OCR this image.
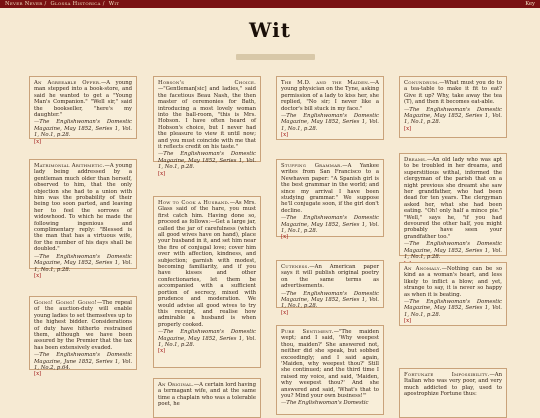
Never Never / Glossa Historica / Wit	Key
Wit
An Agreeable Offer.—A young man stepped into a book-store, and said he wanted to get a "Young Man's Companion." "Well sir," said the bookseller, "here's my daughter."
—The Englishwoman's Domestic Magazine, May 1852, Series 1, Vol. 1, No.1, p.28.
[x]
Matrimonial Arithmetic.—A young lady being addressed by a gentleman much older than herself, observed to him, that the only objection she had to a union with him was the probability of their being too soon parted, and leaving her to feel the sorrows of widowhood. To which he made the following ingenious and complimentary reply: "Blessed is the man that has a virtuous wife, for the number of his days shall be doubled."
—The Englishwoman's Domestic Magazine, May 1852, Series 1, Vol. 1, No.1, p.28.
[x]
Going! Going! Going!—The repeal of the auction-duty will enable young ladies to set themselves up to the highest bidder. Considerations of duty have hitherto restrained them, although we have been assured by the Premier that the tax has been extensively evaded.
—The Englishwoman's Domestic Magazine, June 1852, Series 1, Vol. 1, No.2, p.64.
[x]
Hobson's Choice.—"Gentleman[sic] and ladies," said the facetious Beau Nash, the then master of ceremonies for Bath, introducing a most lovely woman into the ball-room, "this is Mrs. Hobson. I have often heard of Hobson's choice, but I never had the pleasure to view it until now; and you must coincide with me that it reflects credit on his taste."
—The Englishwoman's Domestic Magazine, May 1852, Series 1, Vol. 1, No.1, p.28.
[x]
How to Cook a Husband.—As Mrs. Glass said of the hare, you must first catch him. Having done so, proceed as follows:—Get a large jar, called the jar of carefulness (which all good wives have on hand), place your husband in it, and set him near the fire of conjugal love; cover him over with affection, kindness, and subjection; garnish with modest, becoming familiarity, and if you have kisses and other confectionaries, let them be accompanied with a sufficient portion of secrecy, mixed with prudence and moderation. We would advise all good wives to try this receipt, and realise how admirable a husband is when properly cooked.
—The Englishwoman's Domestic Magazine, May 1852, Series 1, Vol. 1, No.1, p.28.
[x]
An Original.—A certain lord having a termagant wife, and at the same time a chaplain who was a tolerable poet, he
The M.D. and the Maiden.—A young physician on the Tyne, asking permission of a lady to kiss her, she replied, "No sir; I never like a doctor's bill stuck in my face."
—The Englishwoman's Domestic Magazine, May 1852, Series 1, Vol. 1, No.1, p.28.
[x]
Stuffing Grammar.—A Yankee writes from San Francisco to a Newhaven paper: "A Spanish girl is the best grammar in the world; and since my arrival I have been studying grammar." We suppose he'll conjugate soon, if the girl don't decline.
—The Englishwoman's Domestic Magazine, May 1852, Series 1, Vol. 1, No.1, p.28.
[x]
Cuteness.—An American paper says it will publish original poetry on the same terms as advertisements.
—The Englishwoman's Domestic Magazine, May 1852, Series 1, Vol. 1, No.1, p.28.
[x]
Pure Sentiment.—"The maiden wept; and I said, 'Why weepest thou, maiden?' She answered not, neither did she speak, but sobbed exceedingly; and I said again, 'Maiden, why weepest thou?' Still she continued; and the third time I raised my voice, and said, 'Maiden, why weepest thou?' And she answered and said, 'What's that to you? Mind your own business!'"
—The Englishwoman's Domestic
Conundrum.—What must you do to a tea-table to make it fit to eat? Give it up? Why, take away the tea (T), and then it becomes eat-able.
—The Englishwoman's Domestic Magazine, May 1852, Series 1, Vol. 1, No.1, p.28.
[x]
Dreams.—An old lady who was apt to be troubled in her dreams, and superstitious withal, informed the clergyman of the parish that on a night previous she dreamt she saw her grandfather, who had been dead for ten years. The clergyman asked her, what she had been eating. "Oh! only half a mince pie." "Well," says he, "if you had devoured the other half, you might probably have seen your grandfather too."
—The Englishwoman's Domestic Magazine, May 1852, Series 1, Vol. 1, No.1, p.28.
An Anomaly.—Nothing can be so kind as a woman's heart, and less likely to inflict a blow; and yet, strange to say, it is never so happy as when it is beating.
—The Englishwoman's Domestic Magazine, May 1852, Series 1, Vol. 1, No.1, p.28.
[x]
Fortunate Impossibility.—An Italian who was very poor, and very much addicted to play, used to apostrophize Fortune thus:
